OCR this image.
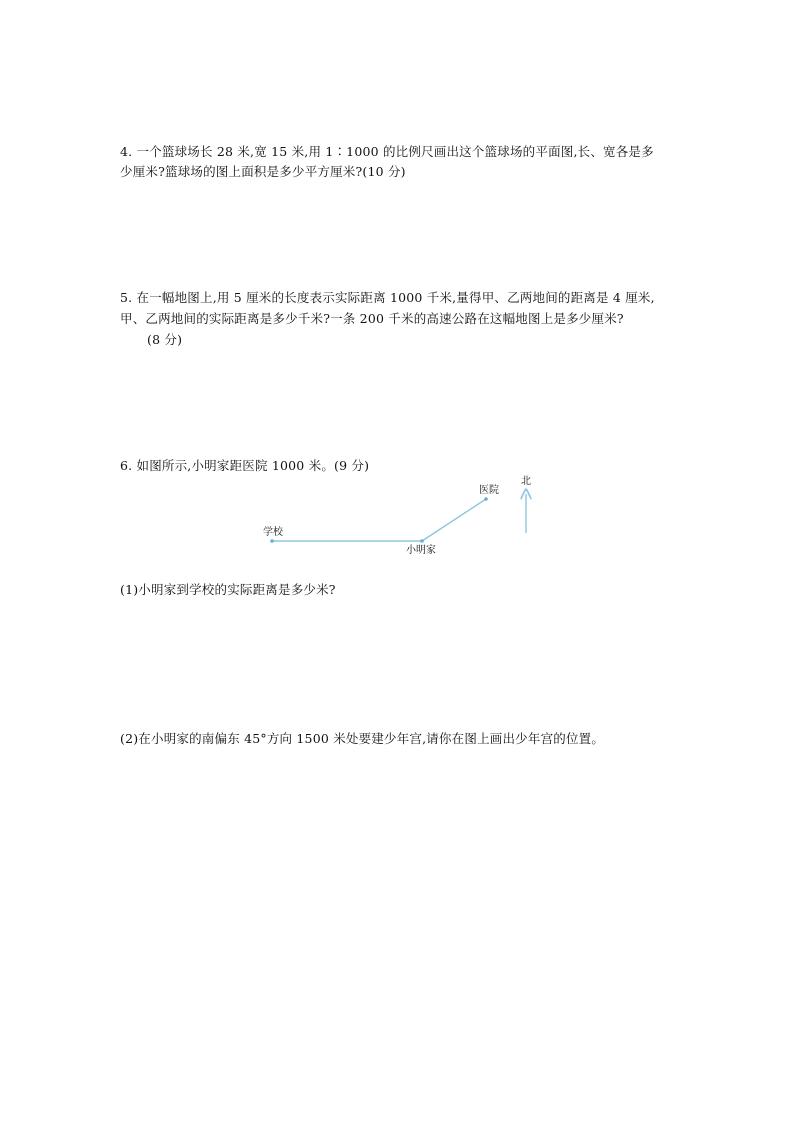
4. 一个篮球场长 28 米,宽 15 米,用 1∶1000 的比例尺画出这个篮球场的平面图,长、宽各是多
少厘米?篮球场的图上面积是多少平方厘米?(10 分)
5. 在一幅地图上,用 5 厘米的长度表示实际距离 1000 千米,量得甲、乙两地间的距离是 4 厘米,
甲、乙两地间的实际距离是多少千米?一条 200 千米的高速公路在这幅地图上是多少厘米?
(8 分)
6. 如图所示,小明家距医院 1000 米。(9 分)
学校
小明家
医院
北
(1)小明家到学校的实际距离是多少米?
(2)在小明家的南偏东 45°方向 1500 米处要建少年宫,请你在图上画出少年宫的位置。
